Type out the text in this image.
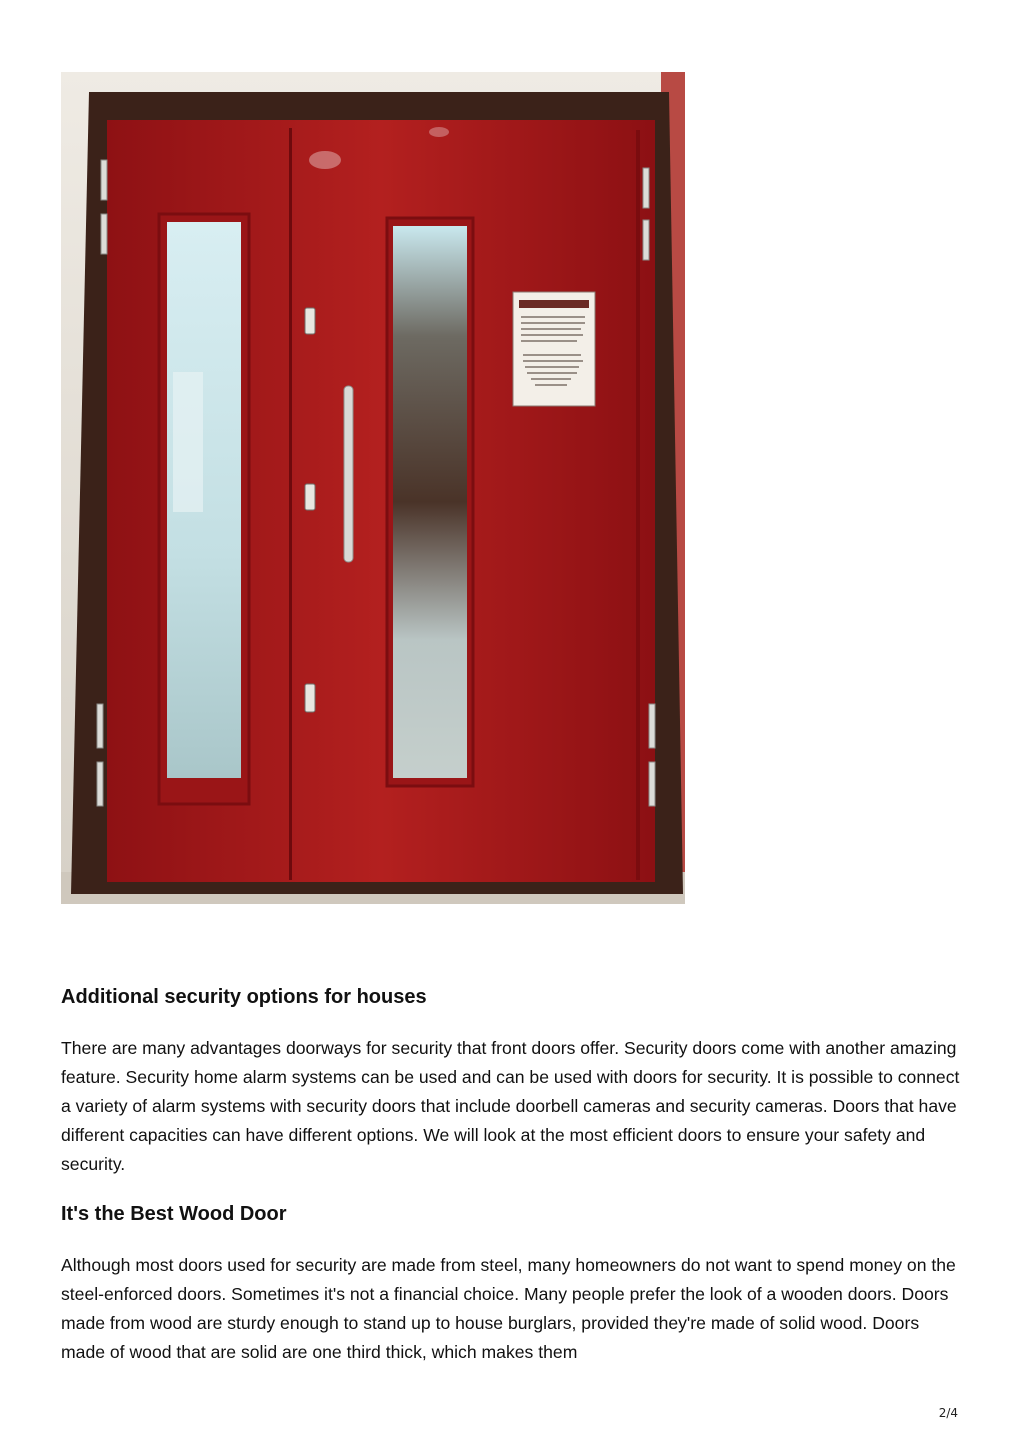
Additional security options for houses

There are many advantages doorways for security that front doors offer. Security doors come with another amazing feature. Security home alarm systems can be used and can be used with doors for security. It is possible to connect a variety of alarm systems with security doors that include doorbell cameras and security cameras. Doors that have different capacities can have different options. We will look at the most efficient doors to ensure your safety and security.

It's the Best Wood Door

Although most doors used for security are made from steel, many homeowners do not want to spend money on the steel-enforced doors. Sometimes it's not a financial choice. Many people prefer the look of a wooden doors. Doors made from wood are sturdy enough to stand up to house burglars, provided they're made of solid wood. Doors made of wood that are solid are one third thick, which makes them

2/4
